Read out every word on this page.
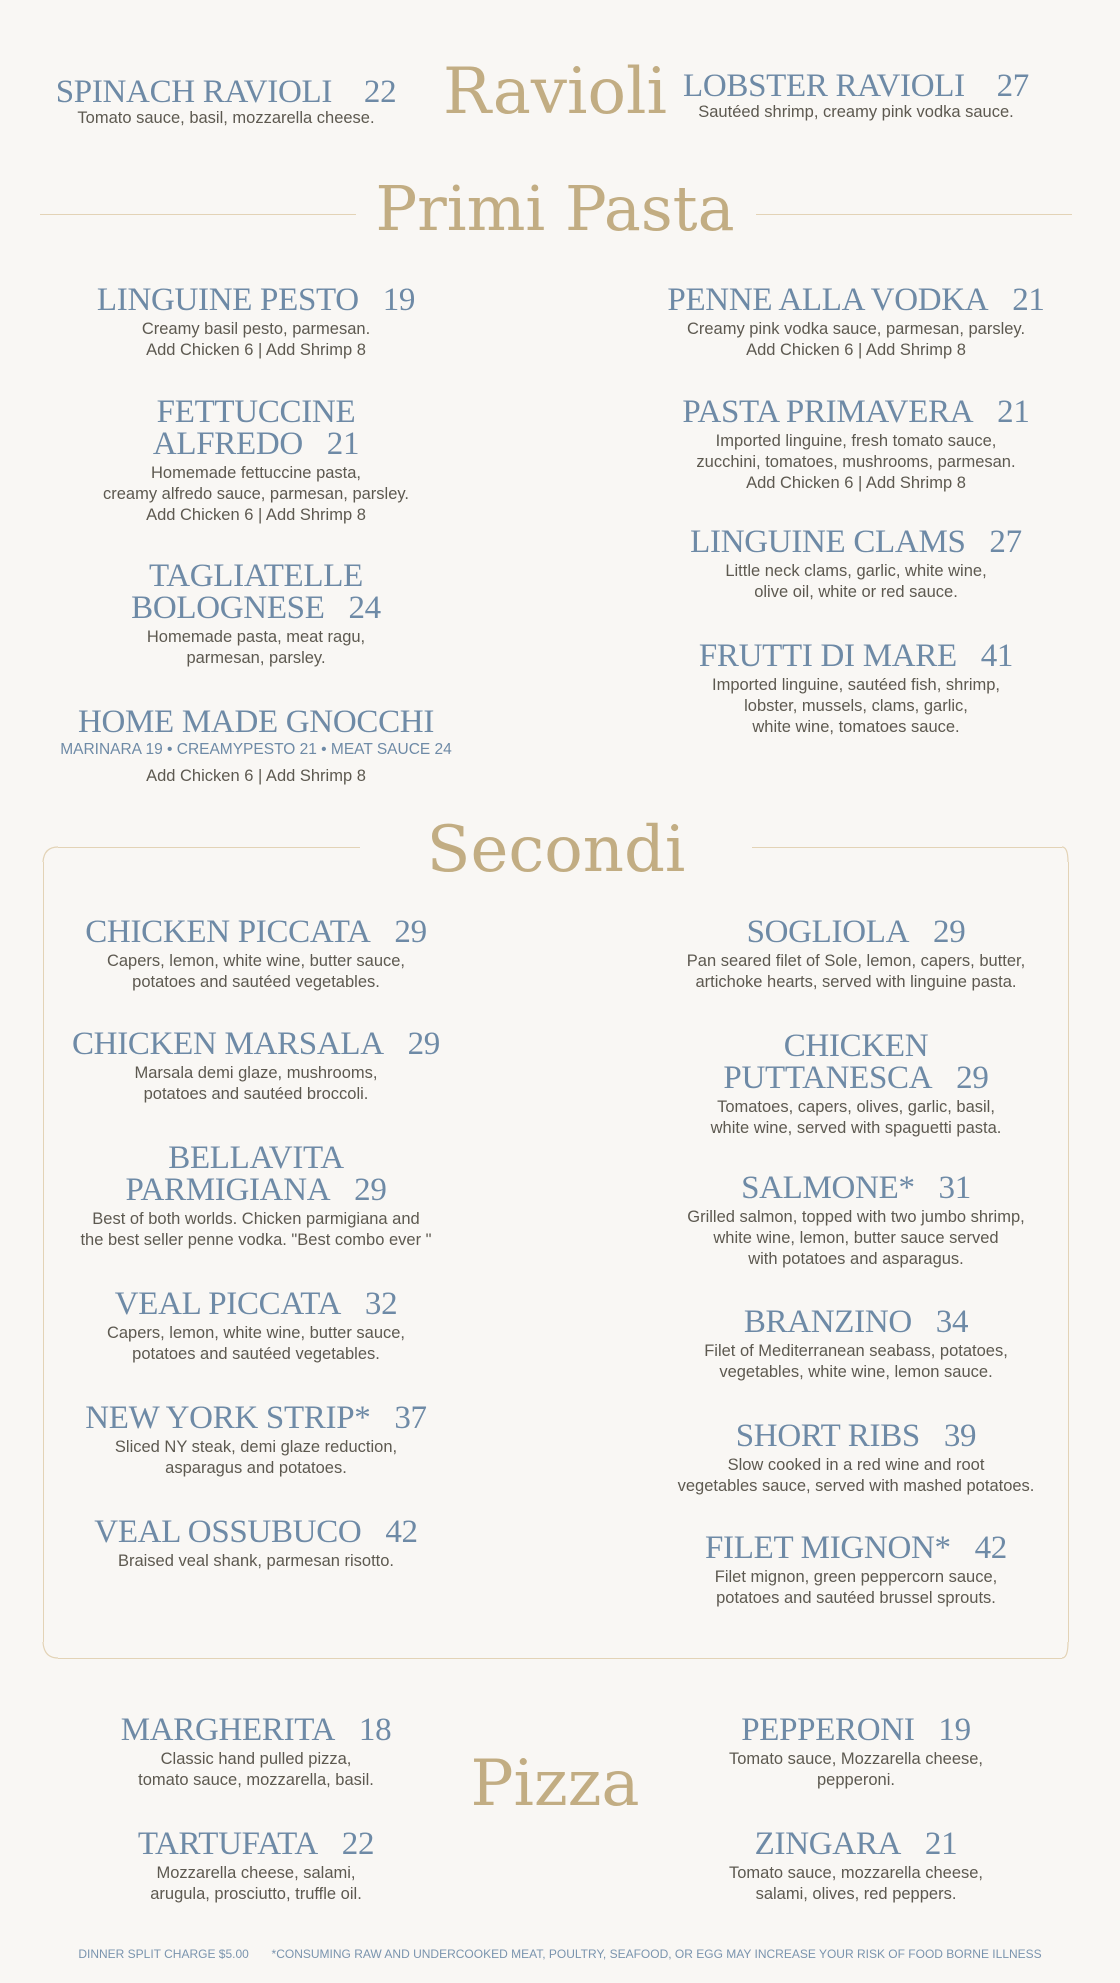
Ravioli
SPINACH RAVIOLI 22
Tomato sauce, basil, mozzarella cheese.
LOBSTER RAVIOLI 27
Sautéed shrimp, creamy pink vodka sauce.
Primi Pasta
LINGUINE PESTO 19
Creamy basil pesto, parmesan.
Add Chicken 6 | Add Shrimp 8
FETTUCCINE
ALFREDO 21
Homemade fettuccine pasta,
creamy alfredo sauce, parmesan, parsley.
Add Chicken 6 | Add Shrimp 8
TAGLIATELLE
BOLOGNESE 24
Homemade pasta, meat ragu,
parmesan, parsley.
PENNE ALLA VODKA 21
Creamy pink vodka sauce, parmesan, parsley.
Add Chicken 6 | Add Shrimp 8
PASTA PRIMAVERA 21
Imported linguine, fresh tomato sauce,
zucchini, tomatoes, mushrooms, parmesan.
Add Chicken 6 | Add Shrimp 8
LINGUINE CLAMS 27
Little neck clams, garlic, white wine,
olive oil, white or red sauce.
FRUTTI DI MARE 41
Imported linguine, sautéed fish, shrimp,
lobster, mussels, clams, garlic,
white wine, tomatoes sauce.
HOME MADE GNOCCHI
MARINARA 19 • CREAMYPESTO 21 • MEAT SAUCE 24
Add Chicken 6 | Add Shrimp 8
Secondi
CHICKEN PICCATA 29
Capers, lemon, white wine, butter sauce,
potatoes and sautéed vegetables.
CHICKEN MARSALA 29
Marsala demi glaze, mushrooms,
potatoes and sautéed broccoli.
BELLAVITA
PARMIGIANA 29
Best of both worlds. Chicken parmigiana and
the best seller penne vodka. "Best combo ever "
VEAL PICCATA 32
Capers, lemon, white wine, butter sauce,
potatoes and sautéed vegetables.
NEW YORK STRIP* 37
Sliced NY steak, demi glaze reduction,
asparagus and potatoes.
VEAL OSSUBUCO 42
Braised veal shank, parmesan risotto.
SOGLIOLA 29
Pan seared filet of Sole, lemon, capers, butter,
artichoke hearts, served with linguine pasta.
CHICKEN
PUTTANESCA 29
Tomatoes, capers, olives, garlic, basil,
white wine, served with spaguetti pasta.
SALMONE* 31
Grilled salmon, topped with two jumbo shrimp,
white wine, lemon, butter sauce served
with potatoes and asparagus.
BRANZINO 34
Filet of Mediterranean seabass, potatoes,
vegetables, white wine, lemon sauce.
SHORT RIBS 39
Slow cooked in a red wine and root
vegetables sauce, served with mashed potatoes.
FILET MIGNON* 42
Filet mignon, green peppercorn sauce,
potatoes and sautéed brussel sprouts.
Pizza
MARGHERITA 18
Classic hand pulled pizza,
tomato sauce, mozzarella, basil.
TARTUFATA 22
Mozzarella cheese, salami,
arugula, prosciutto, truffle oil.
PEPPERONI 19
Tomato sauce, Mozzarella cheese,
pepperoni.
ZINGARA 21
Tomato sauce, mozzarella cheese,
salami, olives, red peppers.
DINNER SPLIT CHARGE $5.00 *CONSUMING RAW AND UNDERCOOKED MEAT, POULTRY, SEAFOOD, OR EGG MAY INCREASE YOUR RISK OF FOOD BORNE ILLNESS
